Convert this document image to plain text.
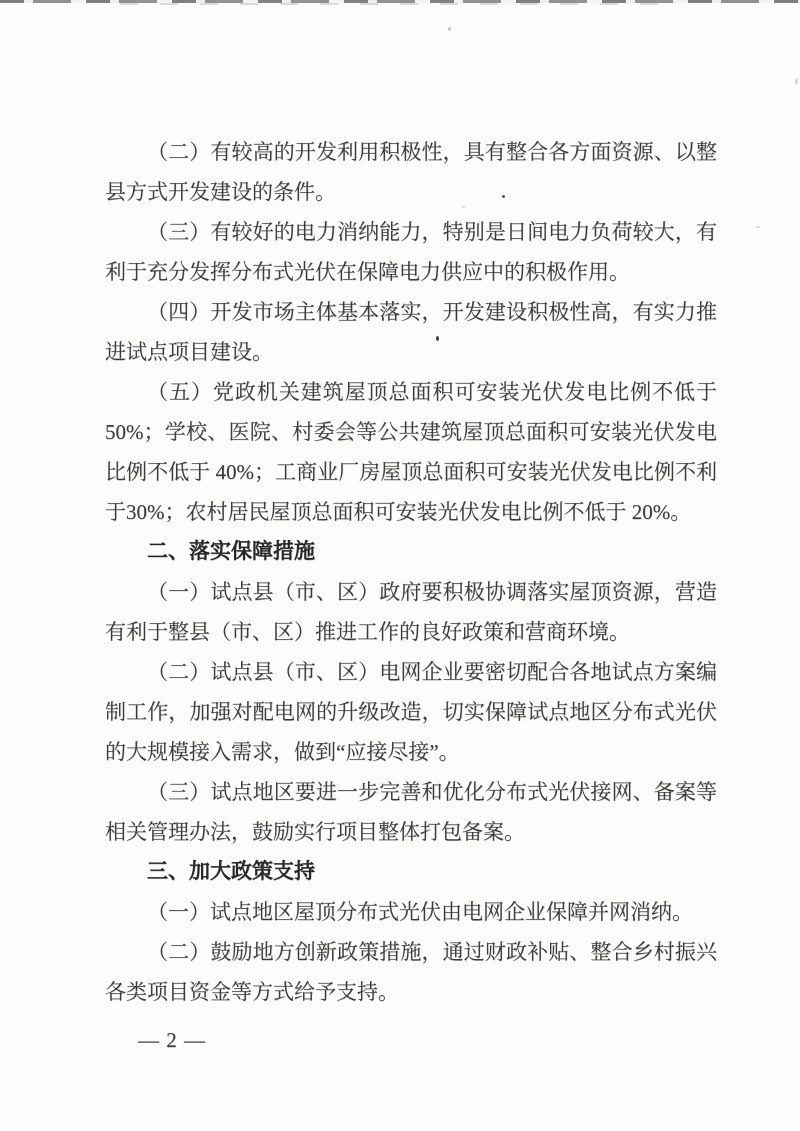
（二）有较高的开发利用积极性，具有整合各方面资源、以整县方式开发建设的条件。
（三）有较好的电力消纳能力，特别是日间电力负荷较大，有利于充分发挥分布式光伏在保障电力供应中的积极作用。
（四）开发市场主体基本落实，开发建设积极性高，有实力推进试点项目建设。
（五）党政机关建筑屋顶总面积可安装光伏发电比例不低于50%；学校、医院、村委会等公共建筑屋顶总面积可安装光伏发电比例不低于 40%；工商业厂房屋顶总面积可安装光伏发电比例不利于30%；农村居民屋顶总面积可安装光伏发电比例不低于 20%。
二、落实保障措施
（一）试点县（市、区）政府要积极协调落实屋顶资源，营造有利于整县（市、区）推进工作的良好政策和营商环境。
（二）试点县（市、区）电网企业要密切配合各地试点方案编制工作，加强对配电网的升级改造，切实保障试点地区分布式光伏的大规模接入需求，做到“应接尽接”。
（三）试点地区要进一步完善和优化分布式光伏接网、备案等相关管理办法，鼓励实行项目整体打包备案。
三、加大政策支持
（一）试点地区屋顶分布式光伏由电网企业保障并网消纳。
（二）鼓励地方创新政策措施，通过财政补贴、整合乡村振兴各类项目资金等方式给予支持。
— 2 —
